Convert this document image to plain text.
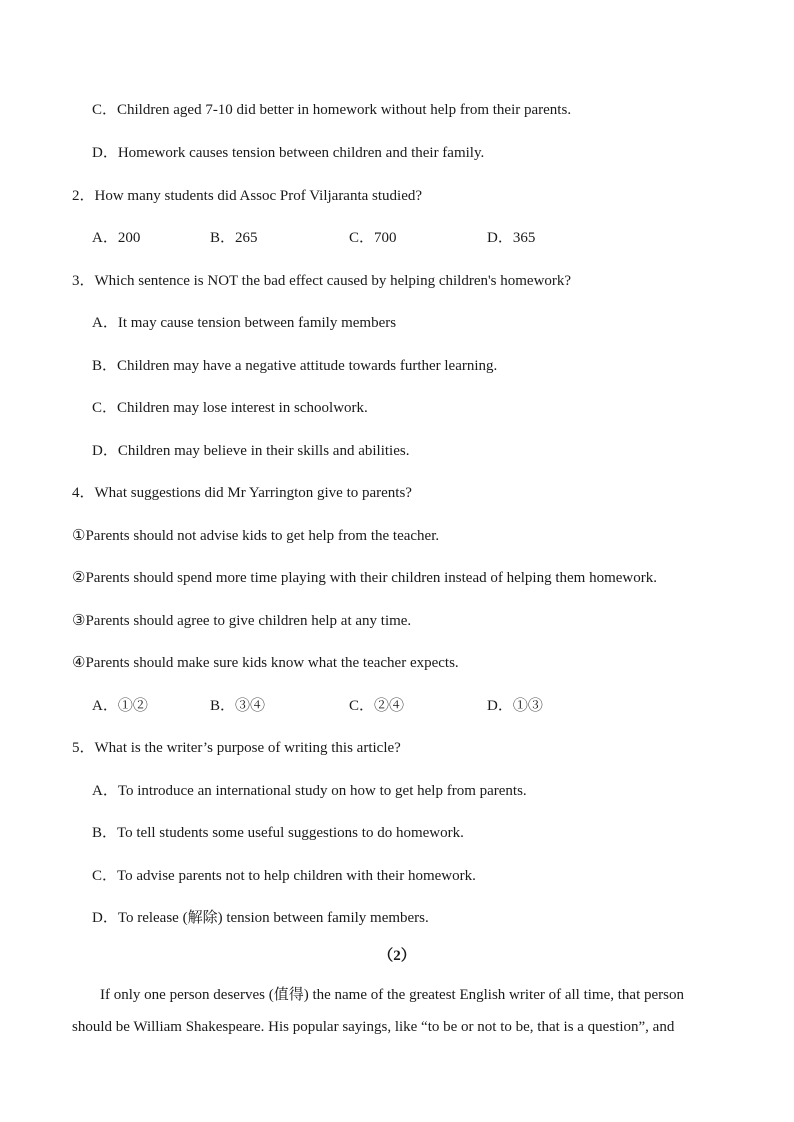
C．Children aged 7-10 did better in homework without help from their parents.
D．Homework causes tension between children and their family.
2．How many students did Assoc Prof Viljaranta studied?
A．200	B．265	C．700	D．365
3．Which sentence is NOT the bad effect caused by helping children's homework?
A．It may cause tension between family members
B．Children may have a negative attitude towards further learning.
C．Children may lose interest in schoolwork.
D．Children may believe in their skills and abilities.
4．What suggestions did Mr Yarrington give to parents?
①Parents should not advise kids to get help from the teacher.
②Parents should spend more time playing with their children instead of helping them homework.
③Parents should agree to give children help at any time.
④Parents should make sure kids know what the teacher expects.
A．①②	B．③④	C．②④	D．①③
5．What is the writer’s purpose of writing this article?
A．To introduce an international study on how to get help from parents.
B．To tell students some useful suggestions to do homework.
C．To advise parents not to help children with their homework.
D．To release (解除) tension between family members.
（2）
If only one person deserves (值得) the name of the greatest English writer of all time, that person
should be William Shakespeare. His popular sayings, like “to be or not to be, that is a question”, and
